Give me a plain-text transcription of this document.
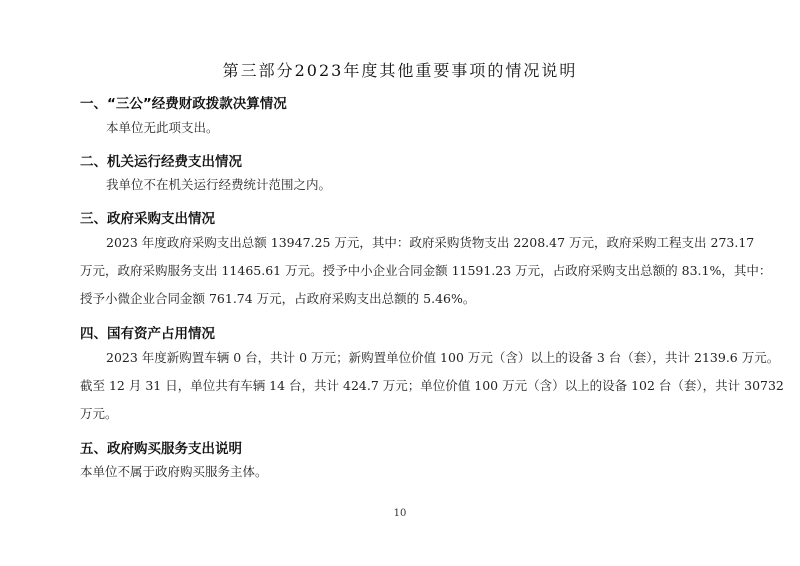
第三部分2023年度其他重要事项的情况说明
一、“三公”经费财政拨款决算情况
本单位无此项支出。
二、机关运行经费支出情况
我单位不在机关运行经费统计范围之内。
三、政府采购支出情况
2023 年度政府采购支出总额 13947.25 万元，其中：政府采购货物支出 2208.47 万元，政府采购工程支出 273.17
万元，政府采购服务支出 11465.61 万元。授予中小企业合同金额 11591.23 万元，占政府采购支出总额的 83.1%，其中：
授予小微企业合同金额 761.74 万元，占政府采购支出总额的 5.46%。
四、国有资产占用情况
2023 年度新购置车辆 0 台，共计 0 万元；新购置单位价值 100 万元（含）以上的设备 3 台（套），共计 2139.6 万元。
截至 12 月 31 日，单位共有车辆 14 台，共计 424.7 万元；单位价值 100 万元（含）以上的设备 102 台（套），共计 30732
万元。
五、政府购买服务支出说明
本单位不属于政府购买服务主体。
10
